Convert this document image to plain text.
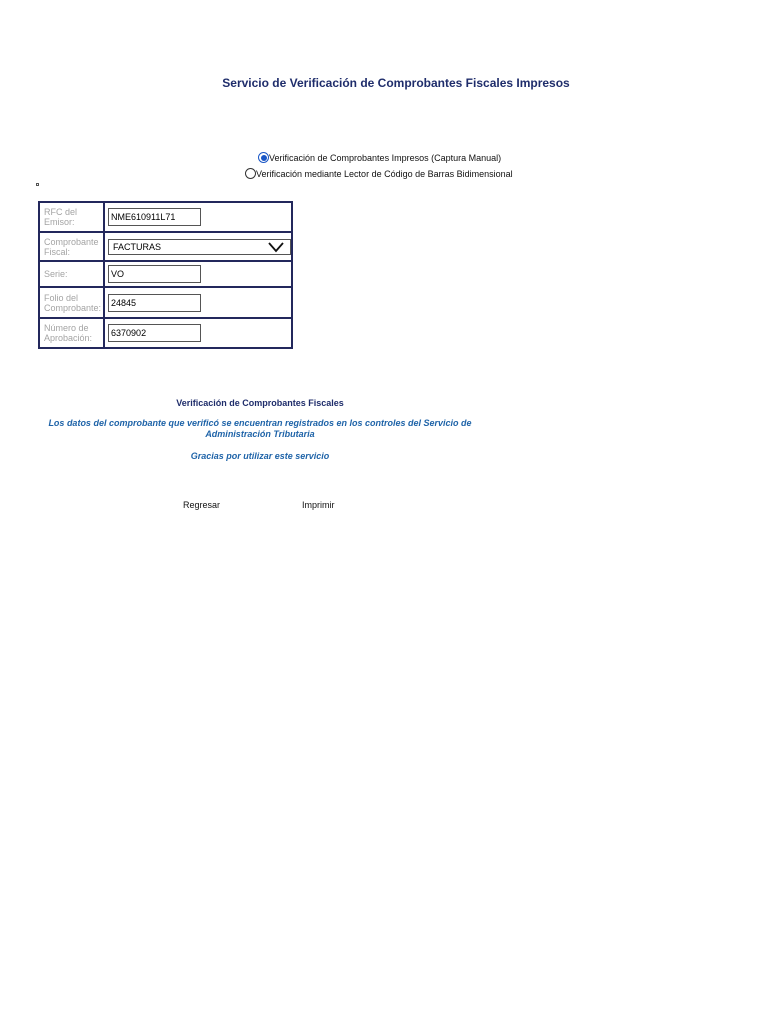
Servicio de Verificación de Comprobantes Fiscales Impresos
Verificación de Comprobantes Impresos (Captura Manual)
Verificación mediante Lector de Código de Barras Bidimensional
RFC del Emisor:	
NME610911L71
Comprobante Fiscal:	FACTURAS

Serie:	
VO
Folio del Comprobante:	
24845
Número de Aprobación:	
6370902
Verificación de Comprobantes Fiscales
Los datos del comprobante que verificó se encuentran registrados en los controles del Servicio de
Administración Tributaria
Gracias por utilizar este servicio
Regresar	Imprimir
